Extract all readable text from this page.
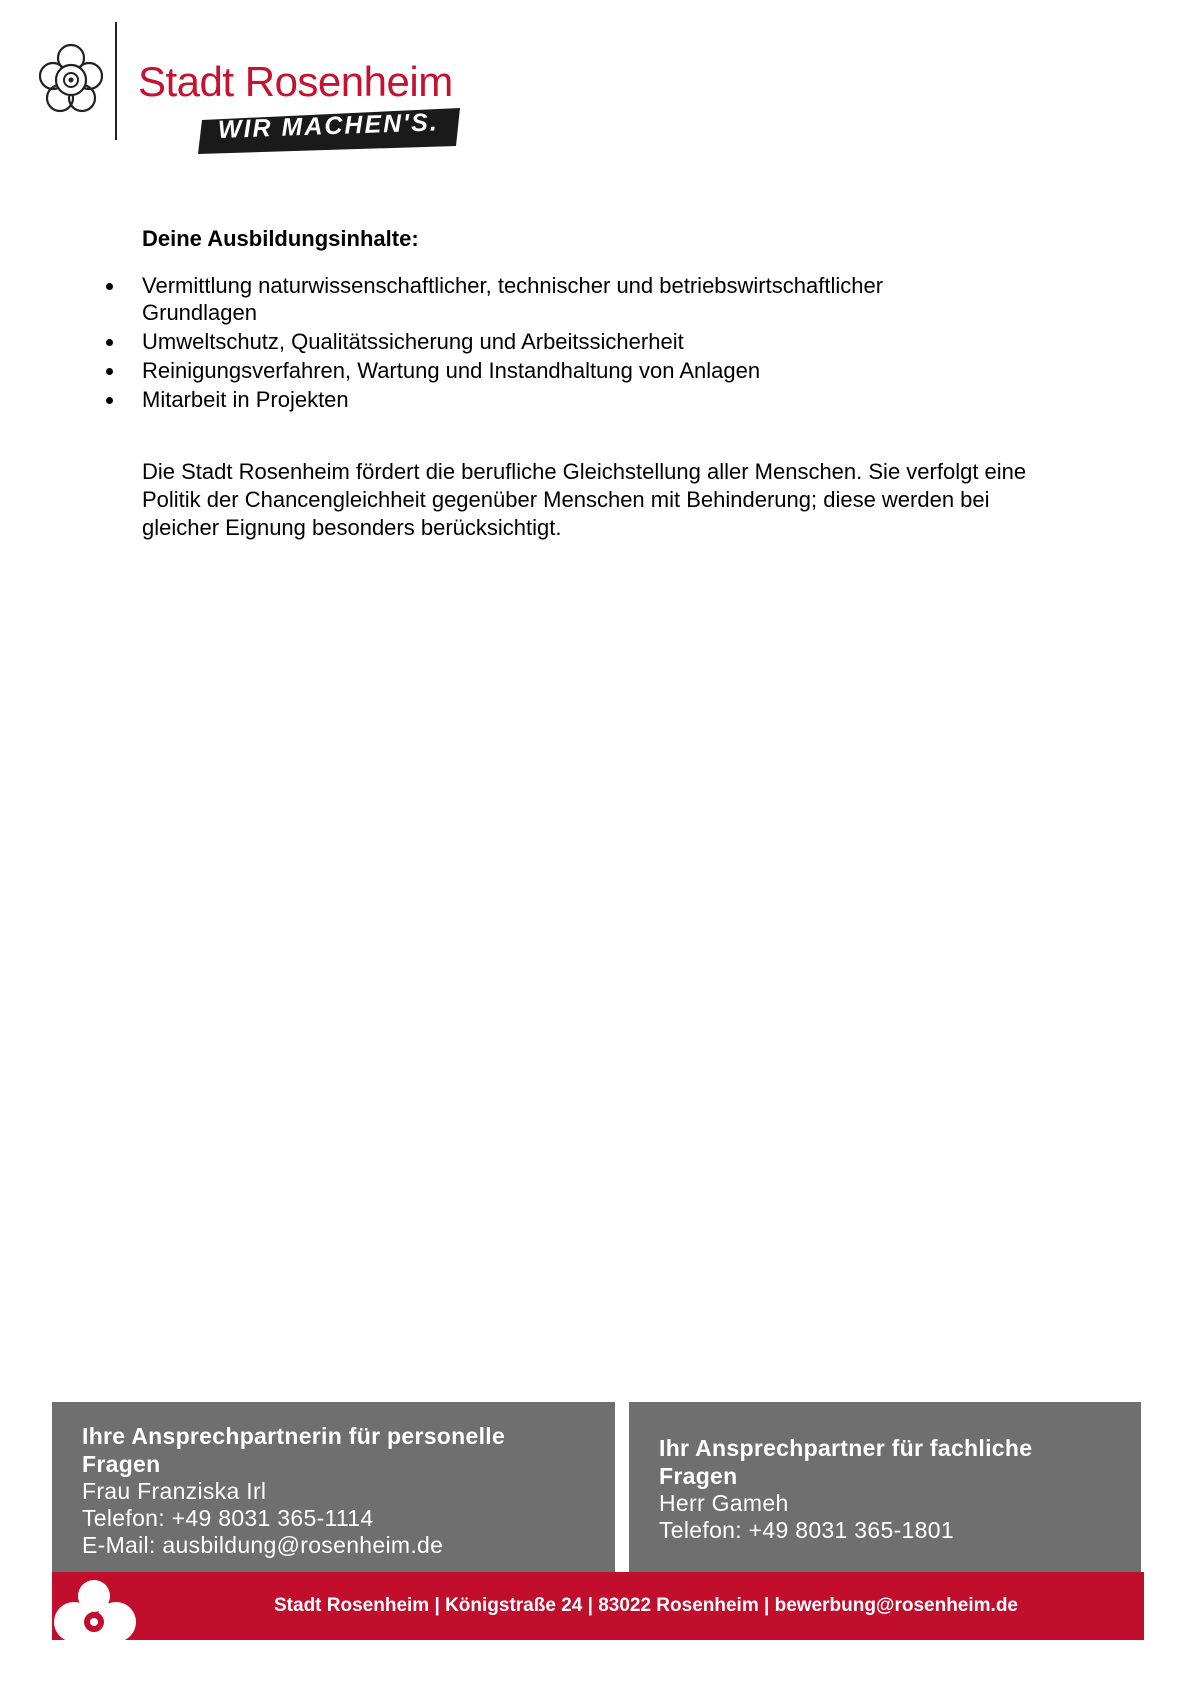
Stadt Rosenheim
WIR MACHEN'S.
Deine Ausbildungsinhalte:
Vermittlung naturwissenschaftlicher, technischer und betriebswirtschaftlicher Grundlagen
Umweltschutz, Qualitätssicherung und Arbeitssicherheit
Reinigungsverfahren, Wartung und Instandhaltung von Anlagen
Mitarbeit in Projekten
Die Stadt Rosenheim fördert die berufliche Gleichstellung aller Menschen. Sie verfolgt eine Politik der Chancengleichheit gegenüber Menschen mit Behinderung; diese werden bei gleicher Eignung besonders berücksichtigt.
Ihre Ansprechpartnerin für personelle Fragen
Frau Franziska Irl
Telefon: +49 8031 365-1114
E-Mail: ausbildung@rosenheim.de
Ihr Ansprechpartner für fachliche Fragen
Herr Gameh
Telefon: +49 8031 365-1801
Stadt Rosenheim | Königstraße 24 | 83022 Rosenheim | bewerbung@rosenheim.de
